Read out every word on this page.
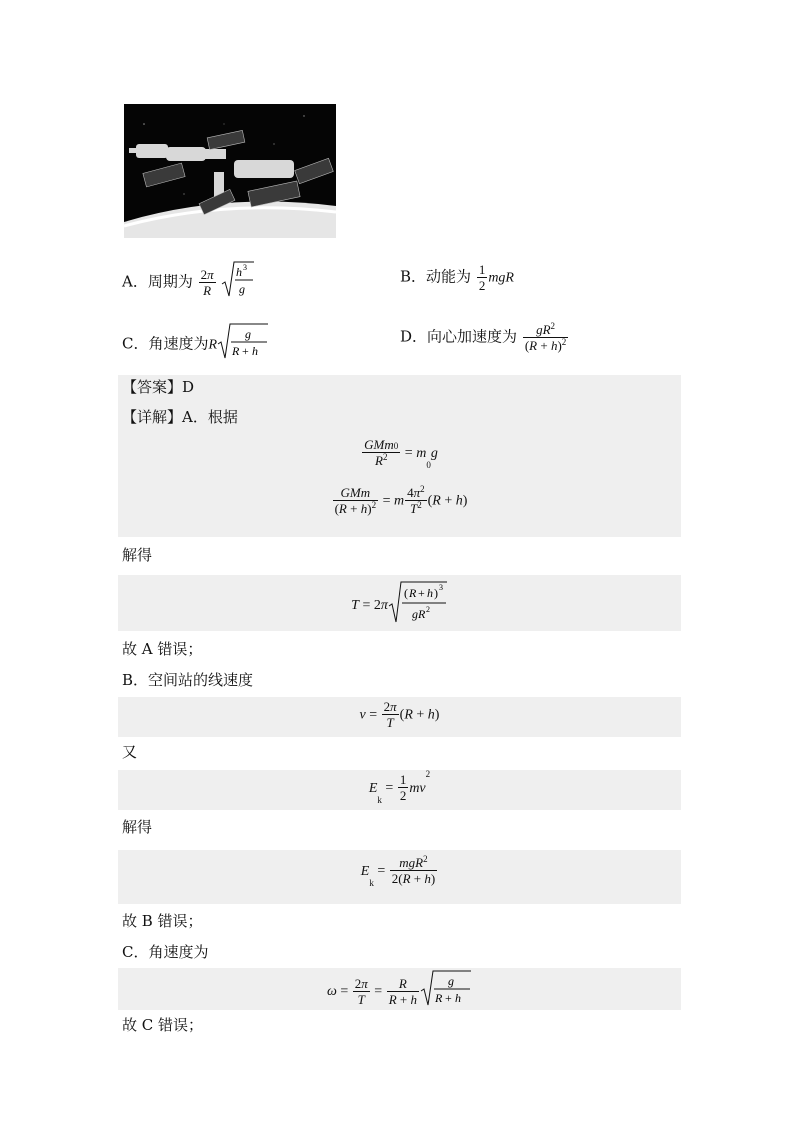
A．周期为 $\frac{2\pi}{R}$
h 3
g
B．动能为 $\frac{1}{2}$ mgR
C．角速度为R
g
R + h
D．向心加速度为 $\frac{gR^2}{(R + h)^2}$
【答案】D
【详解】A．根据
$\frac{GMm_0}{R^2} = m_0g$
$\frac{\text{GMm}}{(R + h)^2} = m \frac{4\pi^2}{T^2} (R + h)$
解得
T = 2π
( R + h ) 3
gR 2
故 A 错误；
B．空间站的线速度
$v = \frac{2\pi}{T} (R + h)$
又
$E_k = \frac{1}{2} mv^2$
解得
$E_k = \frac{mgR^2}{2(R + h)}$
故 B 错误；
C．角速度为
$\omega = \frac{2\pi}{T} = \frac{R}{R + h}$ g
R + h
故 C 错误；
